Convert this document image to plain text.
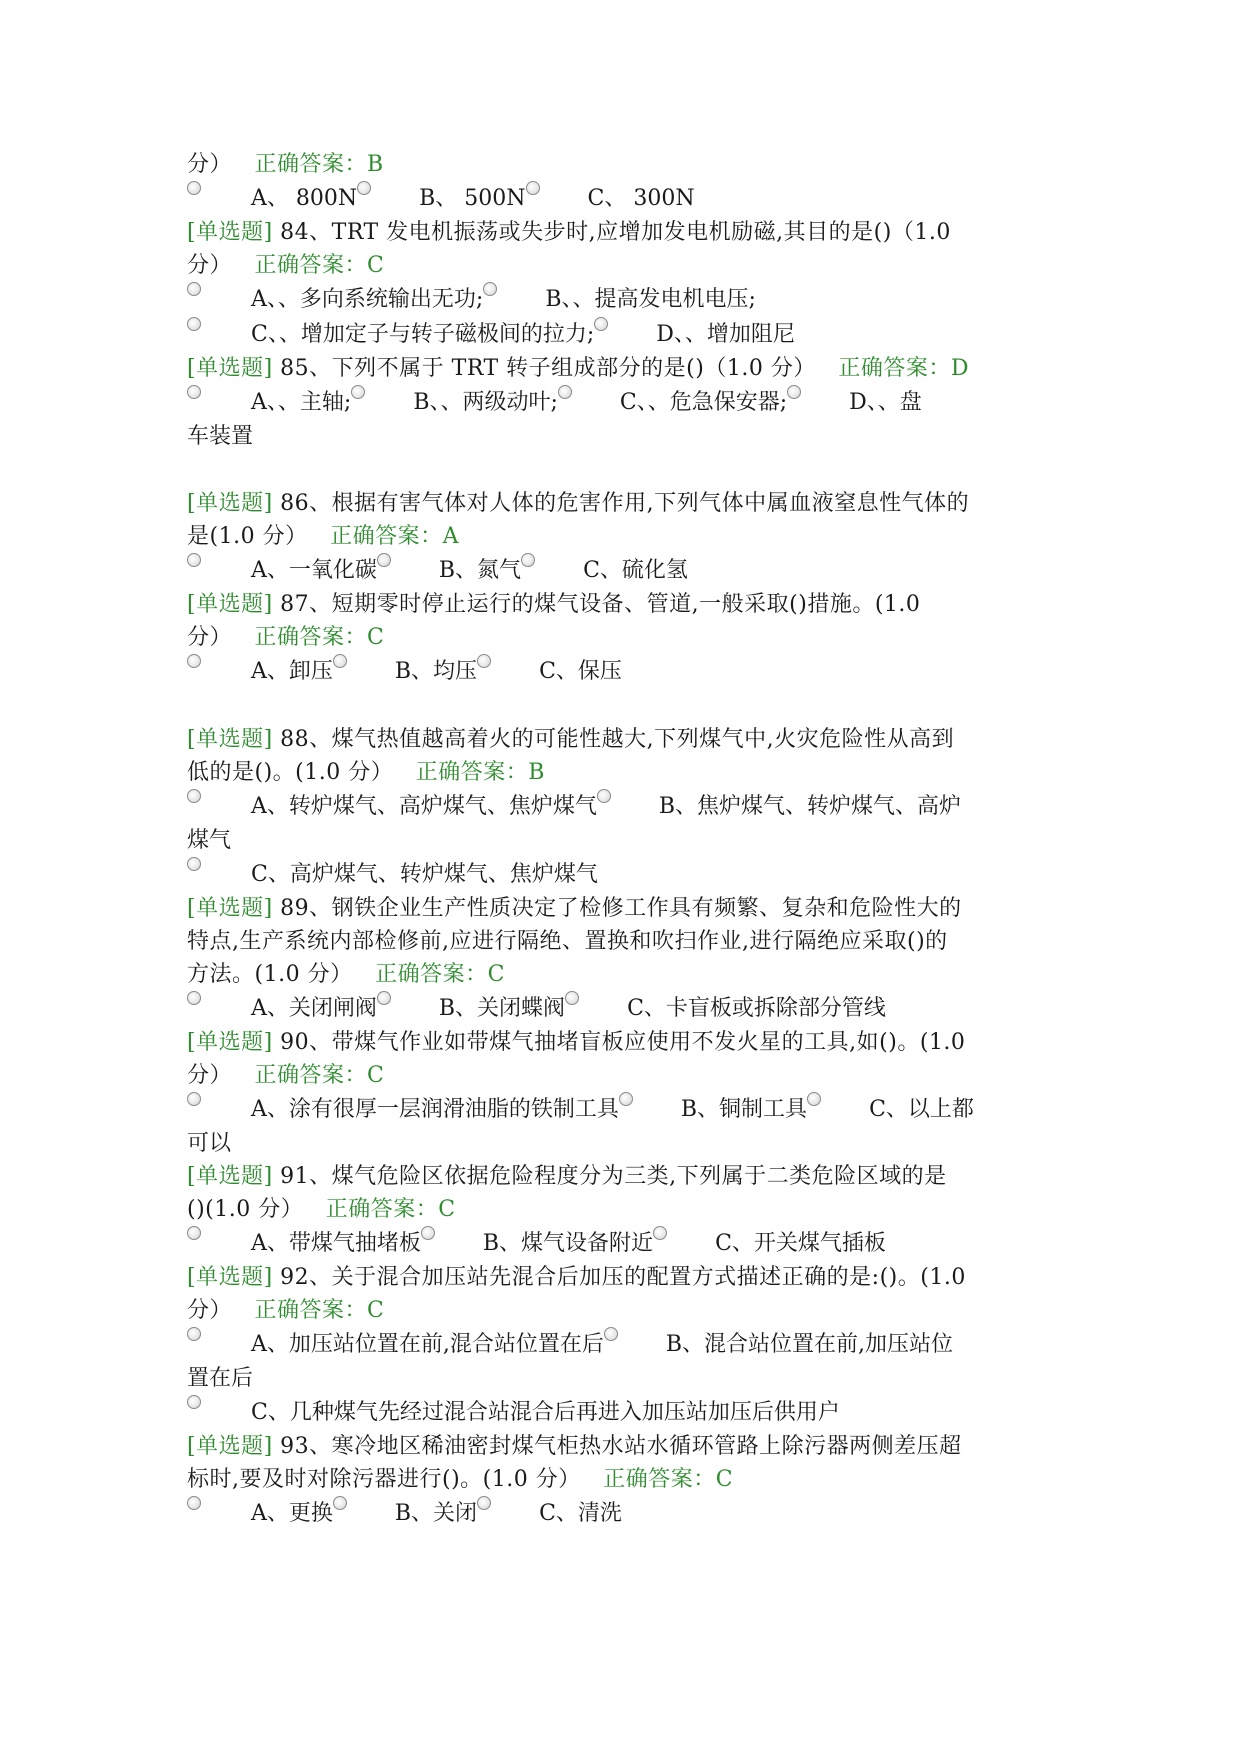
分） 正确答案：B
A、 800N	B、 500N	C、 300N
[单选题] 84、TRT 发电机振荡或失步时,应增加发电机励磁,其目的是()（1.0
分） 正确答案：C
A、、多向系统输出无功;	B、、提高发电机电压;
C、、增加定子与转子磁极间的拉力;	D、、增加阻尼
[单选题] 85、下列不属于 TRT 转子组成部分的是()（1.0 分） 正确答案：D
A、、主轴;	B、、两级动叶;	C、、危急保安器;	D、、盘
车装置
[单选题] 86、根据有害气体对人体的危害作用,下列气体中属血液窒息性气体的
是(1.0 分） 正确答案：A
A、一氧化碳	B、氮气	C、硫化氢
[单选题] 87、短期零时停止运行的煤气设备、管道,一般采取()措施。(1.0
分） 正确答案：C
A、卸压	B、均压	C、保压
[单选题] 88、煤气热值越高着火的可能性越大,下列煤气中,火灾危险性从高到
低的是()。(1.0 分） 正确答案：B
A、转炉煤气、高炉煤气、焦炉煤气	B、焦炉煤气、转炉煤气、高炉
煤气
C、高炉煤气、转炉煤气、焦炉煤气
[单选题] 89、钢铁企业生产性质决定了检修工作具有频繁、复杂和危险性大的
特点,生产系统内部检修前,应进行隔绝、置换和吹扫作业,进行隔绝应采取()的
方法。(1.0 分） 正确答案：C
A、关闭闸阀	B、关闭蝶阀	C、卡盲板或拆除部分管线
[单选题] 90、带煤气作业如带煤气抽堵盲板应使用不发火星的工具,如()。(1.0
分） 正确答案：C
A、涂有很厚一层润滑油脂的铁制工具	B、铜制工具	C、以上都
可以
[单选题] 91、煤气危险区依据危险程度分为三类,下列属于二类危险区域的是
()(1.0 分） 正确答案：C
A、带煤气抽堵板	B、煤气设备附近	C、开关煤气插板
[单选题] 92、关于混合加压站先混合后加压的配置方式描述正确的是:()。(1.0
分） 正确答案：C
A、加压站位置在前,混合站位置在后	B、混合站位置在前,加压站位
置在后
C、几种煤气先经过混合站混合后再进入加压站加压后供用户
[单选题] 93、寒冷地区稀油密封煤气柜热水站水循环管路上除污器两侧差压超
标时,要及时对除污器进行()。(1.0 分） 正确答案：C
A、更换	B、关闭	C、清洗
